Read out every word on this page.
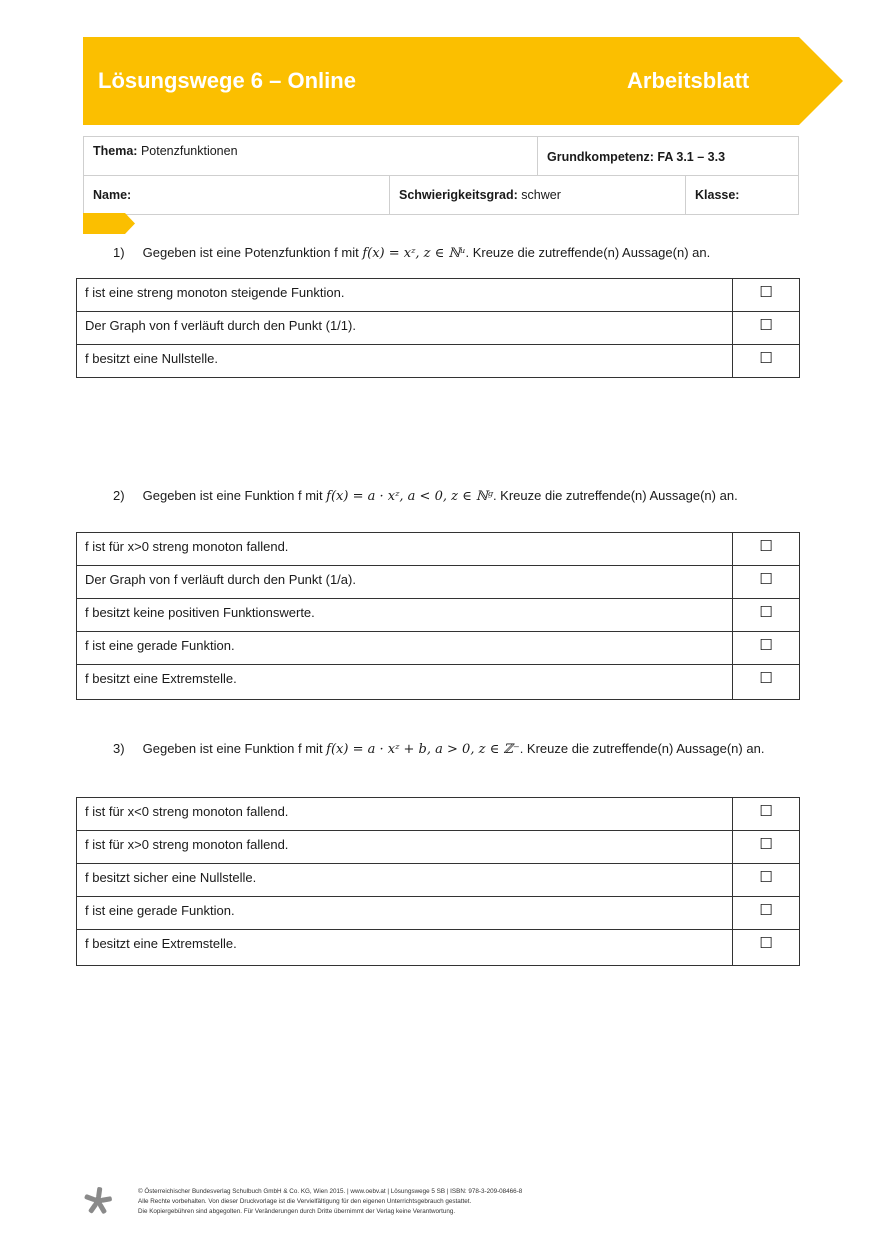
Lösungswege 6 – Online	Arbeitsblatt
Thema: Potenzfunktionen		Grundkompetenz: FA 3.1 – 3.3	
Name:	Schwierigkeitsgrad: schwer		Klasse:
1) Gegeben ist eine Potenzfunktion f mit f(x) = xᶻ, z ∈ ℕᵘ. Kreuze die zutreffende(n) Aussage(n) an.
f ist eine streng monoton steigende Funktion.	☐
Der Graph von f verläuft durch den Punkt (1/1).	☐
f besitzt eine Nullstelle.	☐
2) Gegeben ist eine Funktion f mit f(x) = a · xᶻ, a < 0, z ∈ ℕᵍ. Kreuze die zutreffende(n) Aussage(n) an.
f ist für x>0 streng monoton fallend.	☐
Der Graph von f verläuft durch den Punkt (1/a).	☐
f besitzt keine positiven Funktionswerte.	☐
f ist eine gerade Funktion.	☐
f besitzt eine Extremstelle.	☐
3) Gegeben ist eine Funktion f mit f(x) = a · xᶻ + b, a > 0, z ∈ ℤ⁻. Kreuze die zutreffende(n) Aussage(n) an.
f ist für x<0 streng monoton fallend.	☐
f ist für x>0 streng monoton fallend.	☐
f besitzt sicher eine Nullstelle.	☐
f ist eine gerade Funktion.	☐
f besitzt eine Extremstelle.	☐
© Österreichischer Bundesverlag Schulbuch GmbH & Co. KG, Wien 2015. | www.oebv.at | Lösungswege 5 SB | ISBN: 978-3-209-08466-8
Alle Rechte vorbehalten. Von dieser Druckvorlage ist die Vervielfältigung für den eigenen Unterrichtsgebrauch gestattet.
Die Kopiergebühren sind abgegolten. Für Veränderungen durch Dritte übernimmt der Verlag keine Verantwortung.
